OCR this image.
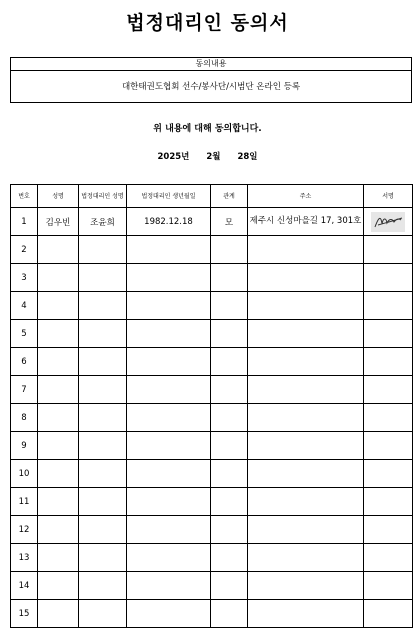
법정대리인 동의서
동의내용
대한태권도협회 선수/봉사단/시범단 온라인 등록
위 내용에 대해 동의합니다.
2025년 2월 28일
번호	성명	법정대리인 성명	법정대리인 생년월일	관계	주소	서명
1	김우빈	조윤희	1982.12.18	모	제주시 신성마을길 17, 301호	
2						
3						
4						
5						
6						
7						
8						
9						
10						
11						
12						
13						
14						
15						
